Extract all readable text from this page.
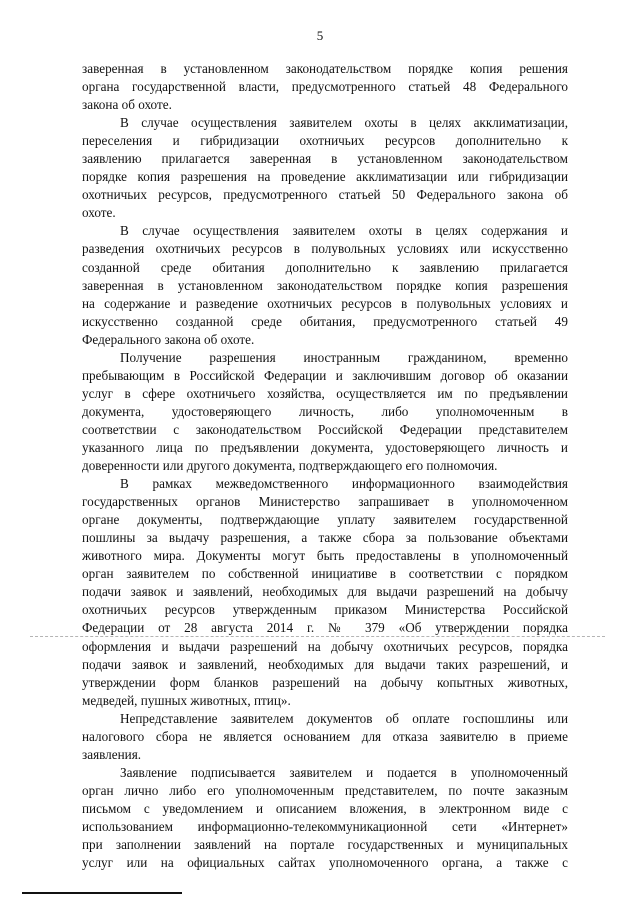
5
заверенная в установленном законодательством порядке копия решения
органа государственной власти, предусмотренного статьей 48 Федерального
закона об охоте.
В случае осуществления заявителем охоты в целях акклиматизации,
переселения и гибридизации охотничьих ресурсов дополнительно к
заявлению прилагается заверенная в установленном законодательством
порядке копия разрешения на проведение акклиматизации или гибридизации
охотничьих ресурсов, предусмотренного статьей 50 Федерального закона об
охоте.
В случае осуществления заявителем охоты в целях содержания и
разведения охотничьих ресурсов в полувольных условиях или искусственно
созданной среде обитания дополнительно к заявлению прилагается
заверенная в установленном законодательством порядке копия разрешения
на содержание и разведение охотничьих ресурсов в полувольных условиях и
искусственно созданной среде обитания, предусмотренного статьей 49
Федерального закона об охоте.
Получение разрешения иностранным гражданином, временно
пребывающим в Российской Федерации и заключившим договор об оказании
услуг в сфере охотничьего хозяйства, осуществляется им по предъявлении
документа, удостоверяющего личность, либо уполномоченным в
соответствии с законодательством Российской Федерации представителем
указанного лица по предъявлении документа, удостоверяющего личность и
доверенности или другого документа, подтверждающего его полномочия.
В рамках межведомственного информационного взаимодействия
государственных органов Министерство запрашивает в уполномоченном
органе документы, подтверждающие уплату заявителем государственной
пошлины за выдачу разрешения, а также сбора за пользование объектами
животного мира. Документы могут быть предоставлены в уполномоченный
орган заявителем по собственной инициативе в соответствии с порядком
подачи заявок и заявлений, необходимых для выдачи разрешений на добычу
охотничьих ресурсов утвержденным приказом Министерства Российской
Федерации от 28 августа 2014 г. № 379 «Об утверждении порядка
оформления и выдачи разрешений на добычу охотничьих ресурсов, порядка
подачи заявок и заявлений, необходимых для выдачи таких разрешений, и
утверждении форм бланков разрешений на добычу копытных животных,
медведей, пушных животных, птиц».
Непредставление заявителем документов об оплате госпошлины или
налогового сбора не является основанием для отказа заявителю в приеме
заявления.
Заявление подписывается заявителем и подается в уполномоченный
орган лично либо его уполномоченным представителем, по почте заказным
письмом с уведомлением и описанием вложения, в электронном виде с
использованием информационно-телекоммуникационной сети «Интернет»
при заполнении заявлений на портале государственных и муниципальных
услуг или на официальных сайтах уполномоченного органа, а также с
